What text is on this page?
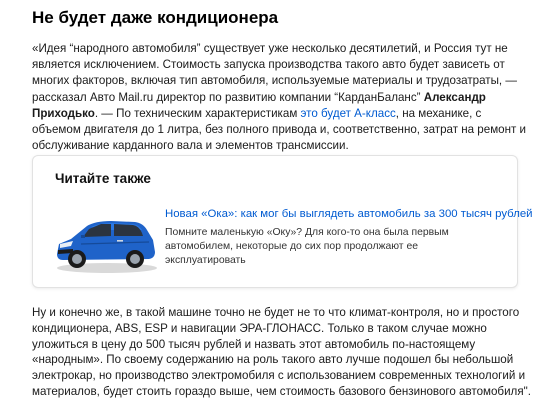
Не будет даже кондиционера

«Идея “народного автомобиля” существует уже несколько десятилетий, и Россия тут не является исключением. Стоимость запуска производства такого авто будет зависеть от многих факторов, включая тип автомобиля, используемые материалы и трудозатраты, — рассказал Авто Mail.ru директор по развитию компании “КарданБаланс” Александр Приходько. — По техническим характеристикам это будет А-класс, на механике, с объемом двигателя до 1 литра, без полного привода и, соответственно, затрат на ремонт и обслуживание карданного вала и элементов трансмиссии.

Читайте также
Новая «Ока»: как мог бы выглядеть автомобиль за 300 тысяч рублей

Помните маленькую «Оку»? Для кого-то она была первым автомобилем, некоторые до сих пор продолжают ее эксплуатировать

Ну и конечно же, в такой машине точно не будет не то что климат-контроля, но и простого кондиционера, ABS, ESP и навигации ЭРА-ГЛОНАСС. Только в таком случае можно уложиться в цену до 500 тысяч рублей и назвать этот автомобиль по-настоящему «народным». По своему содержанию на роль такого авто лучше подошел бы небольшой электрокар, но производство электромобиля с использованием современных технологий и материалов, будет стоить гораздо выше, чем стоимость базового бензинового автомобиля".
